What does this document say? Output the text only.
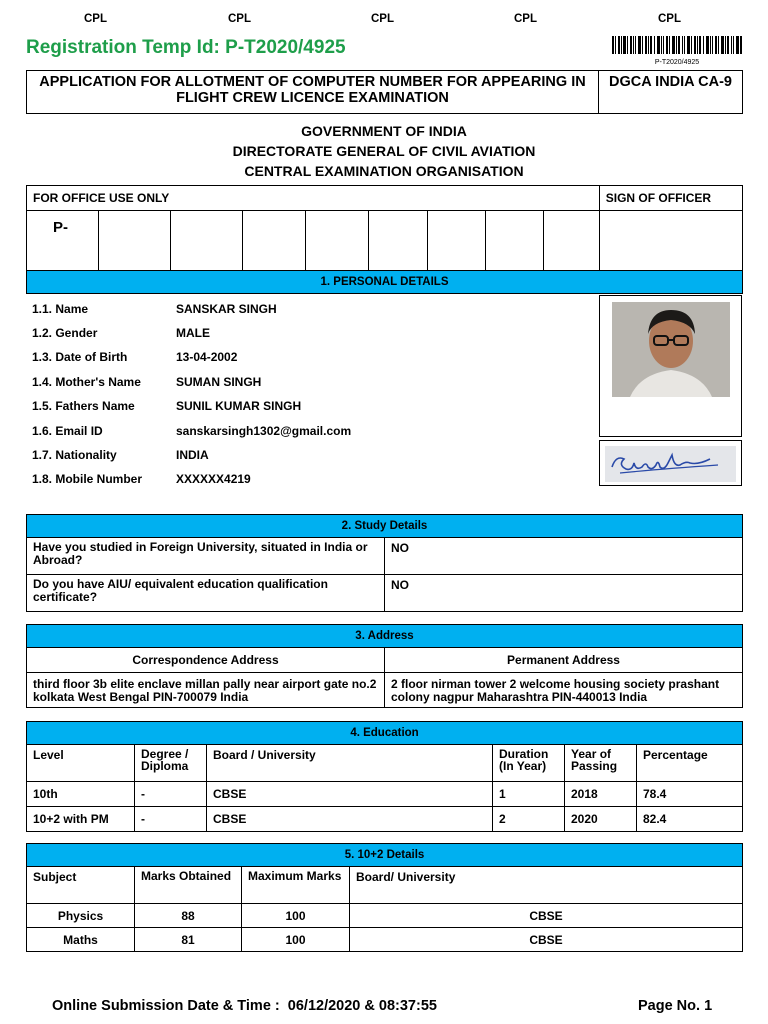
CPL	CPL	CPL	CPL	CPL
Registration Temp Id: P-T2020/4925
P-T2020/4925
APPLICATION FOR ALLOTMENT OF COMPUTER NUMBER FOR APPEARING IN FLIGHT CREW LICENCE EXAMINATION	DGCA INDIA CA-9
GOVERNMENT OF INDIA
DIRECTORATE GENERAL OF CIVIL AVIATION
CENTRAL EXAMINATION ORGANISATION
FOR OFFICE USE ONLY									SIGN OF OFFICER
P-									
1. PERSONAL DETAILS
1.1. Name	SANSKAR SINGH
1.2. Gender	MALE
1.3. Date of Birth	13-04-2002
1.4. Mother's Name	SUMAN SINGH
1.5. Fathers Name	SUNIL KUMAR SINGH
1.6. Email ID	sanskarsingh1302@gmail.com
1.7. Nationality	INDIA
1.8. Mobile Number	XXXXXX4219
2. Study Details	
Have you studied in Foreign University, situated in India or Abroad?	NO
Do you have AIU/ equivalent education qualification certificate?	NO
3. Address	
Correspondence Address	Permanent Address
third floor 3b elite enclave millan pally near airport gate no.2 kolkata West Bengal PIN-700079 India	2 floor nirman tower 2 welcome housing society prashant colony nagpur Maharashtra PIN-440013 India
4. Education					
Level	Degree / Diploma	Board / University	Duration (In Year)	Year of Passing	Percentage
10th	-	CBSE	1	2018	78.4
10+2 with PM	-	CBSE	2	2020	82.4
5. 10+2 Details			
Subject	Marks Obtained	Maximum Marks	Board/ University
Physics	88	100	CBSE
Maths	81	100	CBSE
Online Submission Date & Time :  06/12/2020 & 08:37:55	Page No. 1
